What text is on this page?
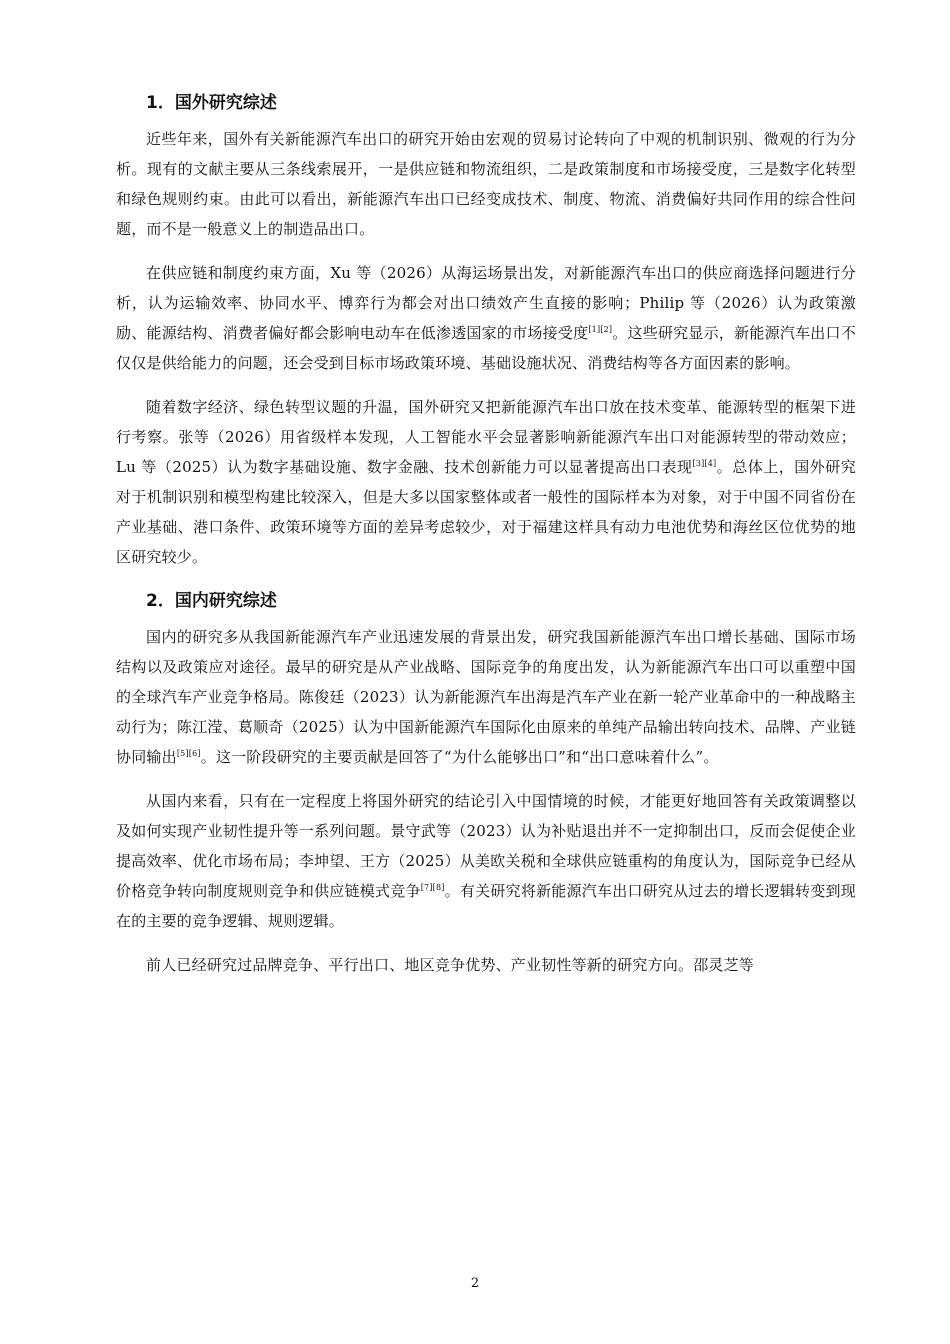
1．国外研究综述

近些年来，国外有关新能源汽车出口的研究开始由宏观的贸易讨论转向了中观的机制识别、微观的行为分析。现有的文献主要从三条线索展开，一是供应链和物流组织，二是政策制度和市场接受度，三是数字化转型和绿色规则约束。由此可以看出，新能源汽车出口已经变成技术、制度、物流、消费偏好共同作用的综合性问题，而不是一般意义上的制造品出口。

在供应链和制度约束方面，Xu 等（2026）从海运场景出发，对新能源汽车出口的供应商选择问题进行分析，认为运输效率、协同水平、博弈行为都会对出口绩效产生直接的影响；Philip 等（2026）认为政策激励、能源结构、消费者偏好都会影响电动车在低渗透国家的市场接受度[1][2]。这些研究显示，新能源汽车出口不仅仅是供给能力的问题，还会受到目标市场政策环境、基础设施状况、消费结构等各方面因素的影响。

随着数字经济、绿色转型议题的升温，国外研究又把新能源汽车出口放在技术变革、能源转型的框架下进行考察。张等（2026）用省级样本发现，人工智能水平会显著影响新能源汽车出口对能源转型的带动效应；Lu 等（2025）认为数字基础设施、数字金融、技术创新能力可以显著提高出口表现[3][4]。总体上，国外研究对于机制识别和模型构建比较深入，但是大多以国家整体或者一般性的国际样本为对象，对于中国不同省份在产业基础、港口条件、政策环境等方面的差异考虑较少，对于福建这样具有动力电池优势和海丝区位优势的地区研究较少。

2．国内研究综述

国内的研究多从我国新能源汽车产业迅速发展的背景出发，研究我国新能源汽车出口增长基础、国际市场结构以及政策应对途径。最早的研究是从产业战略、国际竞争的角度出发，认为新能源汽车出口可以重塑中国的全球汽车产业竞争格局。陈俊廷（2023）认为新能源汽车出海是汽车产业在新一轮产业革命中的一种战略主动行为；陈江滢、葛顺奇（2025）认为中国新能源汽车国际化由原来的单纯产品输出转向技术、品牌、产业链协同输出[5][6]。这一阶段研究的主要贡献是回答了“为什么能够出口”和“出口意味着什么”。

从国内来看，只有在一定程度上将国外研究的结论引入中国情境的时候，才能更好地回答有关政策调整以及如何实现产业韧性提升等一系列问题。景守武等（2023）认为补贴退出并不一定抑制出口，反而会促使企业提高效率、优化市场布局；李坤望、王方（2025）从美欧关税和全球供应链重构的角度认为，国际竞争已经从价格竞争转向制度规则竞争和供应链模式竞争[7][8]。有关研究将新能源汽车出口研究从过去的增长逻辑转变到现在的主要的竞争逻辑、规则逻辑。

前人已经研究过品牌竞争、平行出口、地区竞争优势、产业韧性等新的研究方向。邵灵芝等

2
